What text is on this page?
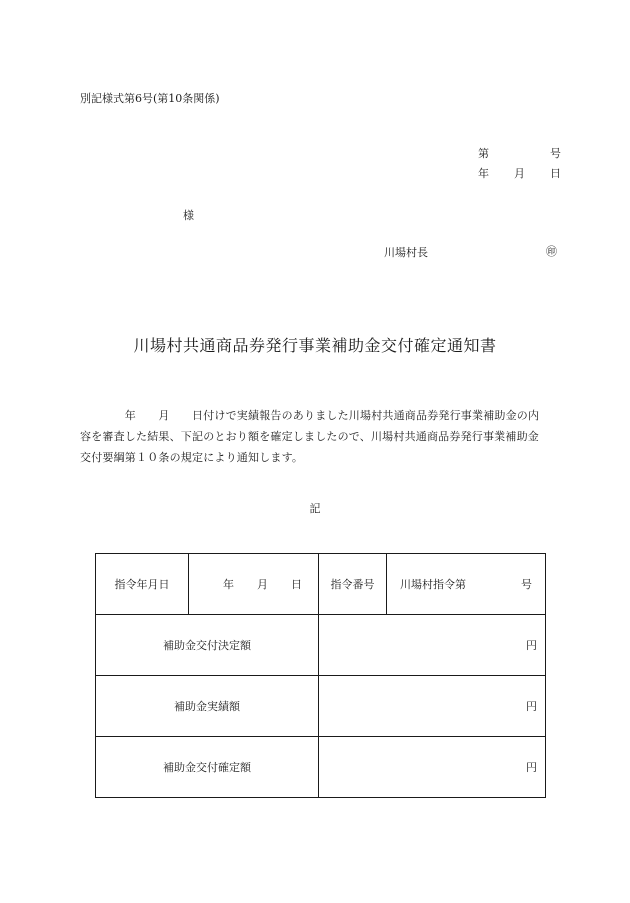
別記様式第6号(第10条関係)
第	号
年 月 日
様
川場村長	㊞
川場村共通商品券発行事業補助金交付確定通知書
　　　　年　　月　　日付けで実績報告のありました川場村共通商品券発行事業補助金の内
容を審査した結果、下記のとおり額を確定しましたので、川場村共通商品券発行事業補助金
交付要綱第１０条の規定により通知します。
記
指令年月日	年 月 日	指令番号	川場村指令第 号

補助金交付決定額		円	
補助金実績額		円	
補助金交付確定額		円	
